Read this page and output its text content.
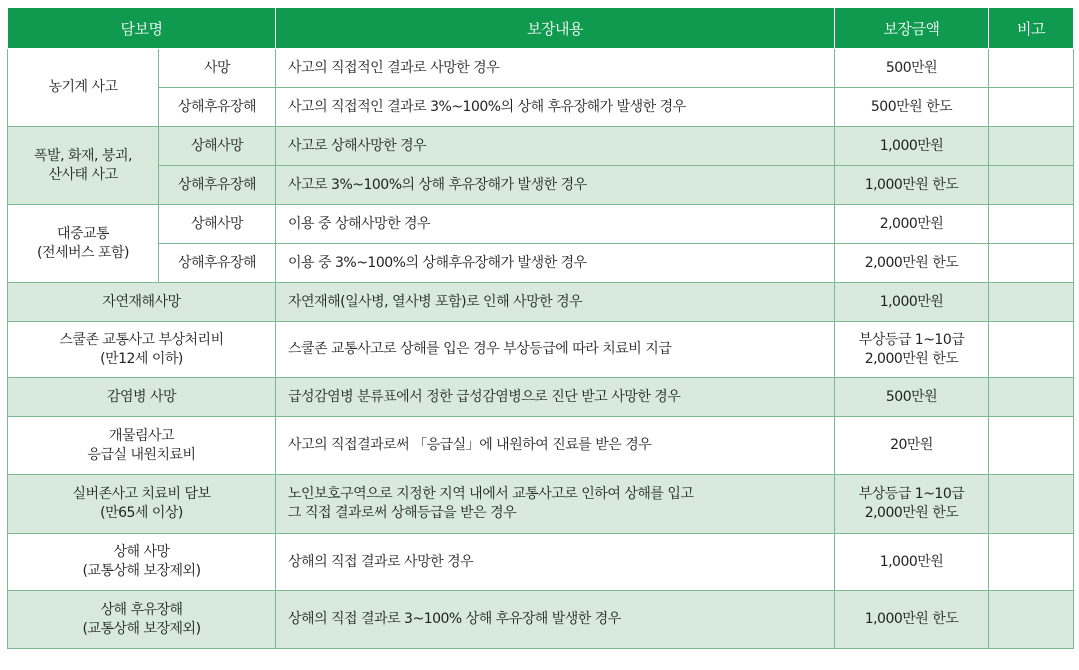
담보명		보장내용	보장금액	비고
농기계 사고	사망	사고의 직접적인 결과로 사망한 경우	500만원	
	상해후유장해	사고의 직접적인 결과로 3%~100%의 상해 후유장해가 발생한 경우	500만원 한도	
폭발, 화재, 붕괴,
산사태 사고	상해사망	사고로 상해사망한 경우	1,000만원	
	상해후유장해	사고로 3%~100%의 상해 후유장해가 발생한 경우	1,000만원 한도	
대중교통
(전세버스 포함)	상해사망	이용 중 상해사망한 경우	2,000만원	
	상해후유장해	이용 중 3%~100%의 상해후유장해가 발생한 경우	2,000만원 한도	
자연재해사망		자연재해(일사병, 열사병 포함)로 인해 사망한 경우	1,000만원	
스쿨존 교통사고 부상처리비
(만12세 이하)		스쿨존 교통사고로 상해를 입은 경우 부상등급에 따라 치료비 지급	부상등급 1~10급
2,000만원 한도	
감염병 사망		급성감염병 분류표에서 정한 급성감염병으로 진단 받고 사망한 경우	500만원	
개물림사고
응급실 내원치료비		사고의 직접결과로써 「응급실」에 내원하여 진료를 받은 경우	20만원	
실버존사고 치료비 담보
(만65세 이상)		노인보호구역으로 지정한 지역 내에서 교통사고로 인하여 상해를 입고
그 직접 결과로써 상해등급을 받은 경우	부상등급 1~10급
2,000만원 한도	
상해 사망
(교통상해 보장제외)		상해의 직접 결과로 사망한 경우	1,000만원	
상해 후유장해
(교통상해 보장제외)		상해의 직접 결과로 3~100% 상해 후유장해 발생한 경우	1,000만원 한도	
